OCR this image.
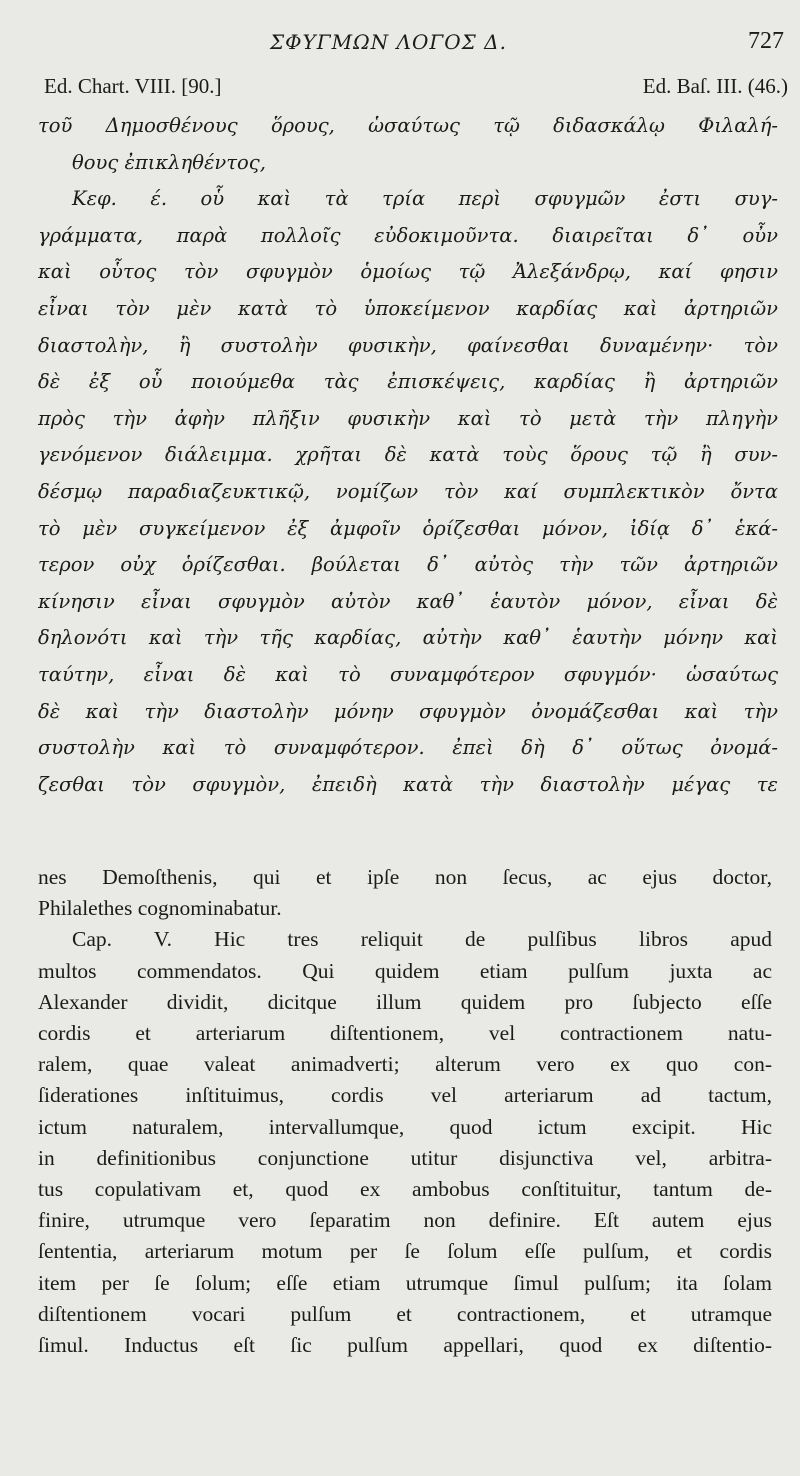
ΣΦΥΓΜΩΝ ΛΟΓΟΣ Δ.	727
Ed. Chart. VIII. [90.]	Ed. Baſ. III. (46.)
τοῦ Δημοσθένους ὅρους, ὡσαύτως τῷ διδασκάλῳ Φιλαλή-
θους ἐπικληθέντος,
Κεφ. έ. οὗ καὶ τὰ τρία περὶ σφυγμῶν ἐστι συγ-
γράμματα, παρὰ πολλοῖς εὐδοκιμοῦντα. διαιρεῖται δ᾽ οὖν
καὶ οὗτος τὸν σφυγμὸν ὁμοίως τῷ Ἀλεξάνδρῳ, καί φησιν
εἶναι τὸν μὲν κατὰ τὸ ὑποκείμενον καρδίας καὶ ἀρτηριῶν
διαστολὴν, ἢ συστολὴν φυσικὴν, φαίνεσθαι δυναμένην· τὸν
δὲ ἐξ οὗ ποιούμεθα τὰς ἐπισκέψεις, καρδίας ἢ ἀρτηριῶν
πρὸς τὴν ἀφὴν πλῆξιν φυσικὴν καὶ τὸ μετὰ τὴν πληγὴν
γενόμενον διάλειμμα. χρῆται δὲ κατὰ τοὺς ὅρους τῷ ἢ συν-
δέσμῳ παραδιαζευκτικῷ, νομίζων τὸν καί συμπλεκτικὸν ὄντα
τὸ μὲν συγκείμενον ἐξ ἀμφοῖν ὁρίζεσθαι μόνον, ἰδίᾳ δ᾽ ἑκά-
τερον οὐχ ὁρίζεσθαι. βούλεται δ᾽ αὐτὸς τὴν τῶν ἀρτηριῶν
κίνησιν εἶναι σφυγμὸν αὐτὸν καθ᾽ ἑαυτὸν μόνον, εἶναι δὲ
δηλονότι καὶ τὴν τῆς καρδίας, αὐτὴν καθ᾽ ἑαυτὴν μόνην καὶ
ταύτην, εἶναι δὲ καὶ τὸ συναμφότερον σφυγμόν· ὡσαύτως
δὲ καὶ τὴν διαστολὴν μόνην σφυγμὸν ὀνομάζεσθαι καὶ τὴν
συστολὴν καὶ τὸ συναμφότερον. ἐπεὶ δὴ δ᾽ οὕτως ὀνομά-
ζεσθαι τὸν σφυγμὸν, ἐπειδὴ κατὰ τὴν διαστολὴν μέγας τε
nes Demoſthenis, qui et ipſe non ſecus, ac ejus doctor,
Philalethes cognominabatur.
Cap. V. Hic tres reliquit de pulſibus libros apud
multos commendatos. Qui quidem etiam pulſum juxta ac
Alexander dividit, dicitque illum quidem pro ſubjecto eſſe
cordis et arteriarum diſtentionem, vel contractionem natu-
ralem, quae valeat animadverti; alterum vero ex quo con-
ſiderationes inſtituimus, cordis vel arteriarum ad tactum,
ictum naturalem, intervallumque, quod ictum excipit. Hic
in definitionibus conjunctione utitur disjunctiva vel, arbitra-
tus copulativam et, quod ex ambobus conſtituitur, tantum de-
finire, utrumque vero ſeparatim non definire. Eſt autem ejus
ſententia, arteriarum motum per ſe ſolum eſſe pulſum, et cordis
item per ſe ſolum; eſſe etiam utrumque ſimul pulſum; ita ſolam
diſtentionem vocari pulſum et contractionem, et utramque
ſimul. Inductus eſt ſic pulſum appellari, quod ex diſtentio-
